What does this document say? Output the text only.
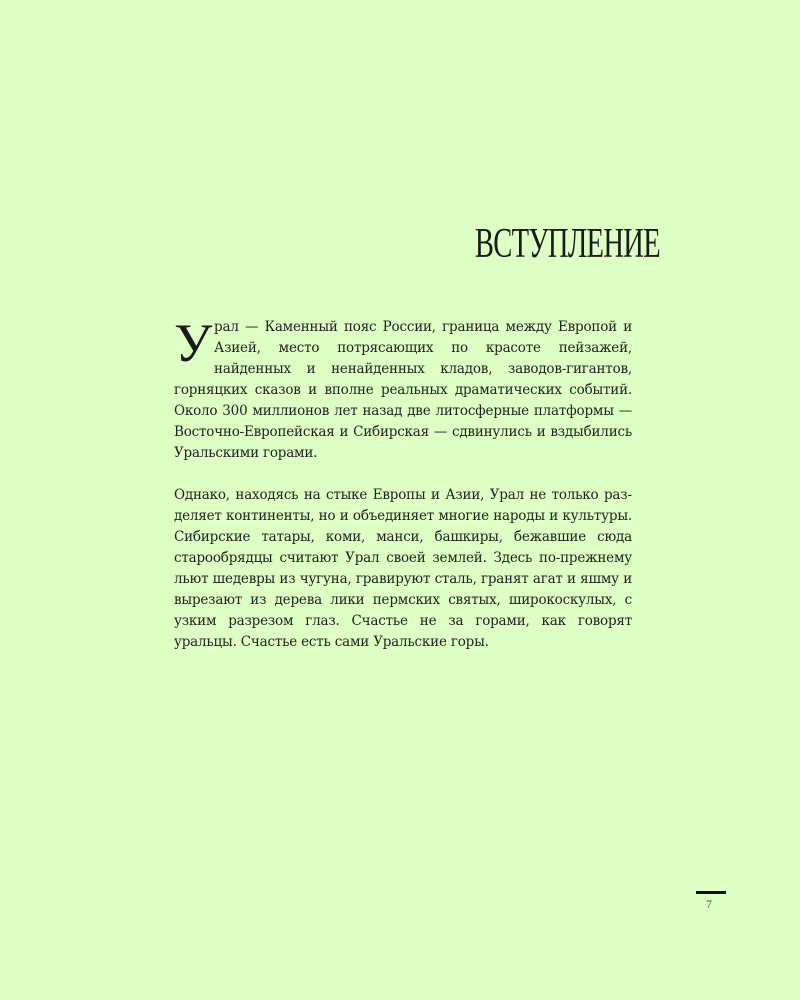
ВСТУПЛЕНИЕ

Урал — Каменный пояс России, граница между Европой и Азией, место потрясающих по красоте пейзажей, найденных и ненайденных кладов, заводов-гигантов, горняцких сказов и вполне реальных драматических событий. Около 300 миллионов лет назад две литосферные платформы — Восточно-Европейская и Сибирская — сдвинулись и вздыбились Уральскими горами.

Однако, находясь на стыке Европы и Азии, Урал не только разделяет континенты, но и объединяет многие народы и культуры. Сибирские татары, коми, манси, башкиры, бежавшие сюда старообрядцы считают Урал своей землей. Здесь по-прежнему льют шедевры из чугуна, гравируют сталь, гранят агат и яшму и вырезают из дерева лики пермских святых, широкоскулых, с узким разрезом глаз. Счастье не за горами, как говорят уральцы. Счастье есть сами Уральские горы.

7
